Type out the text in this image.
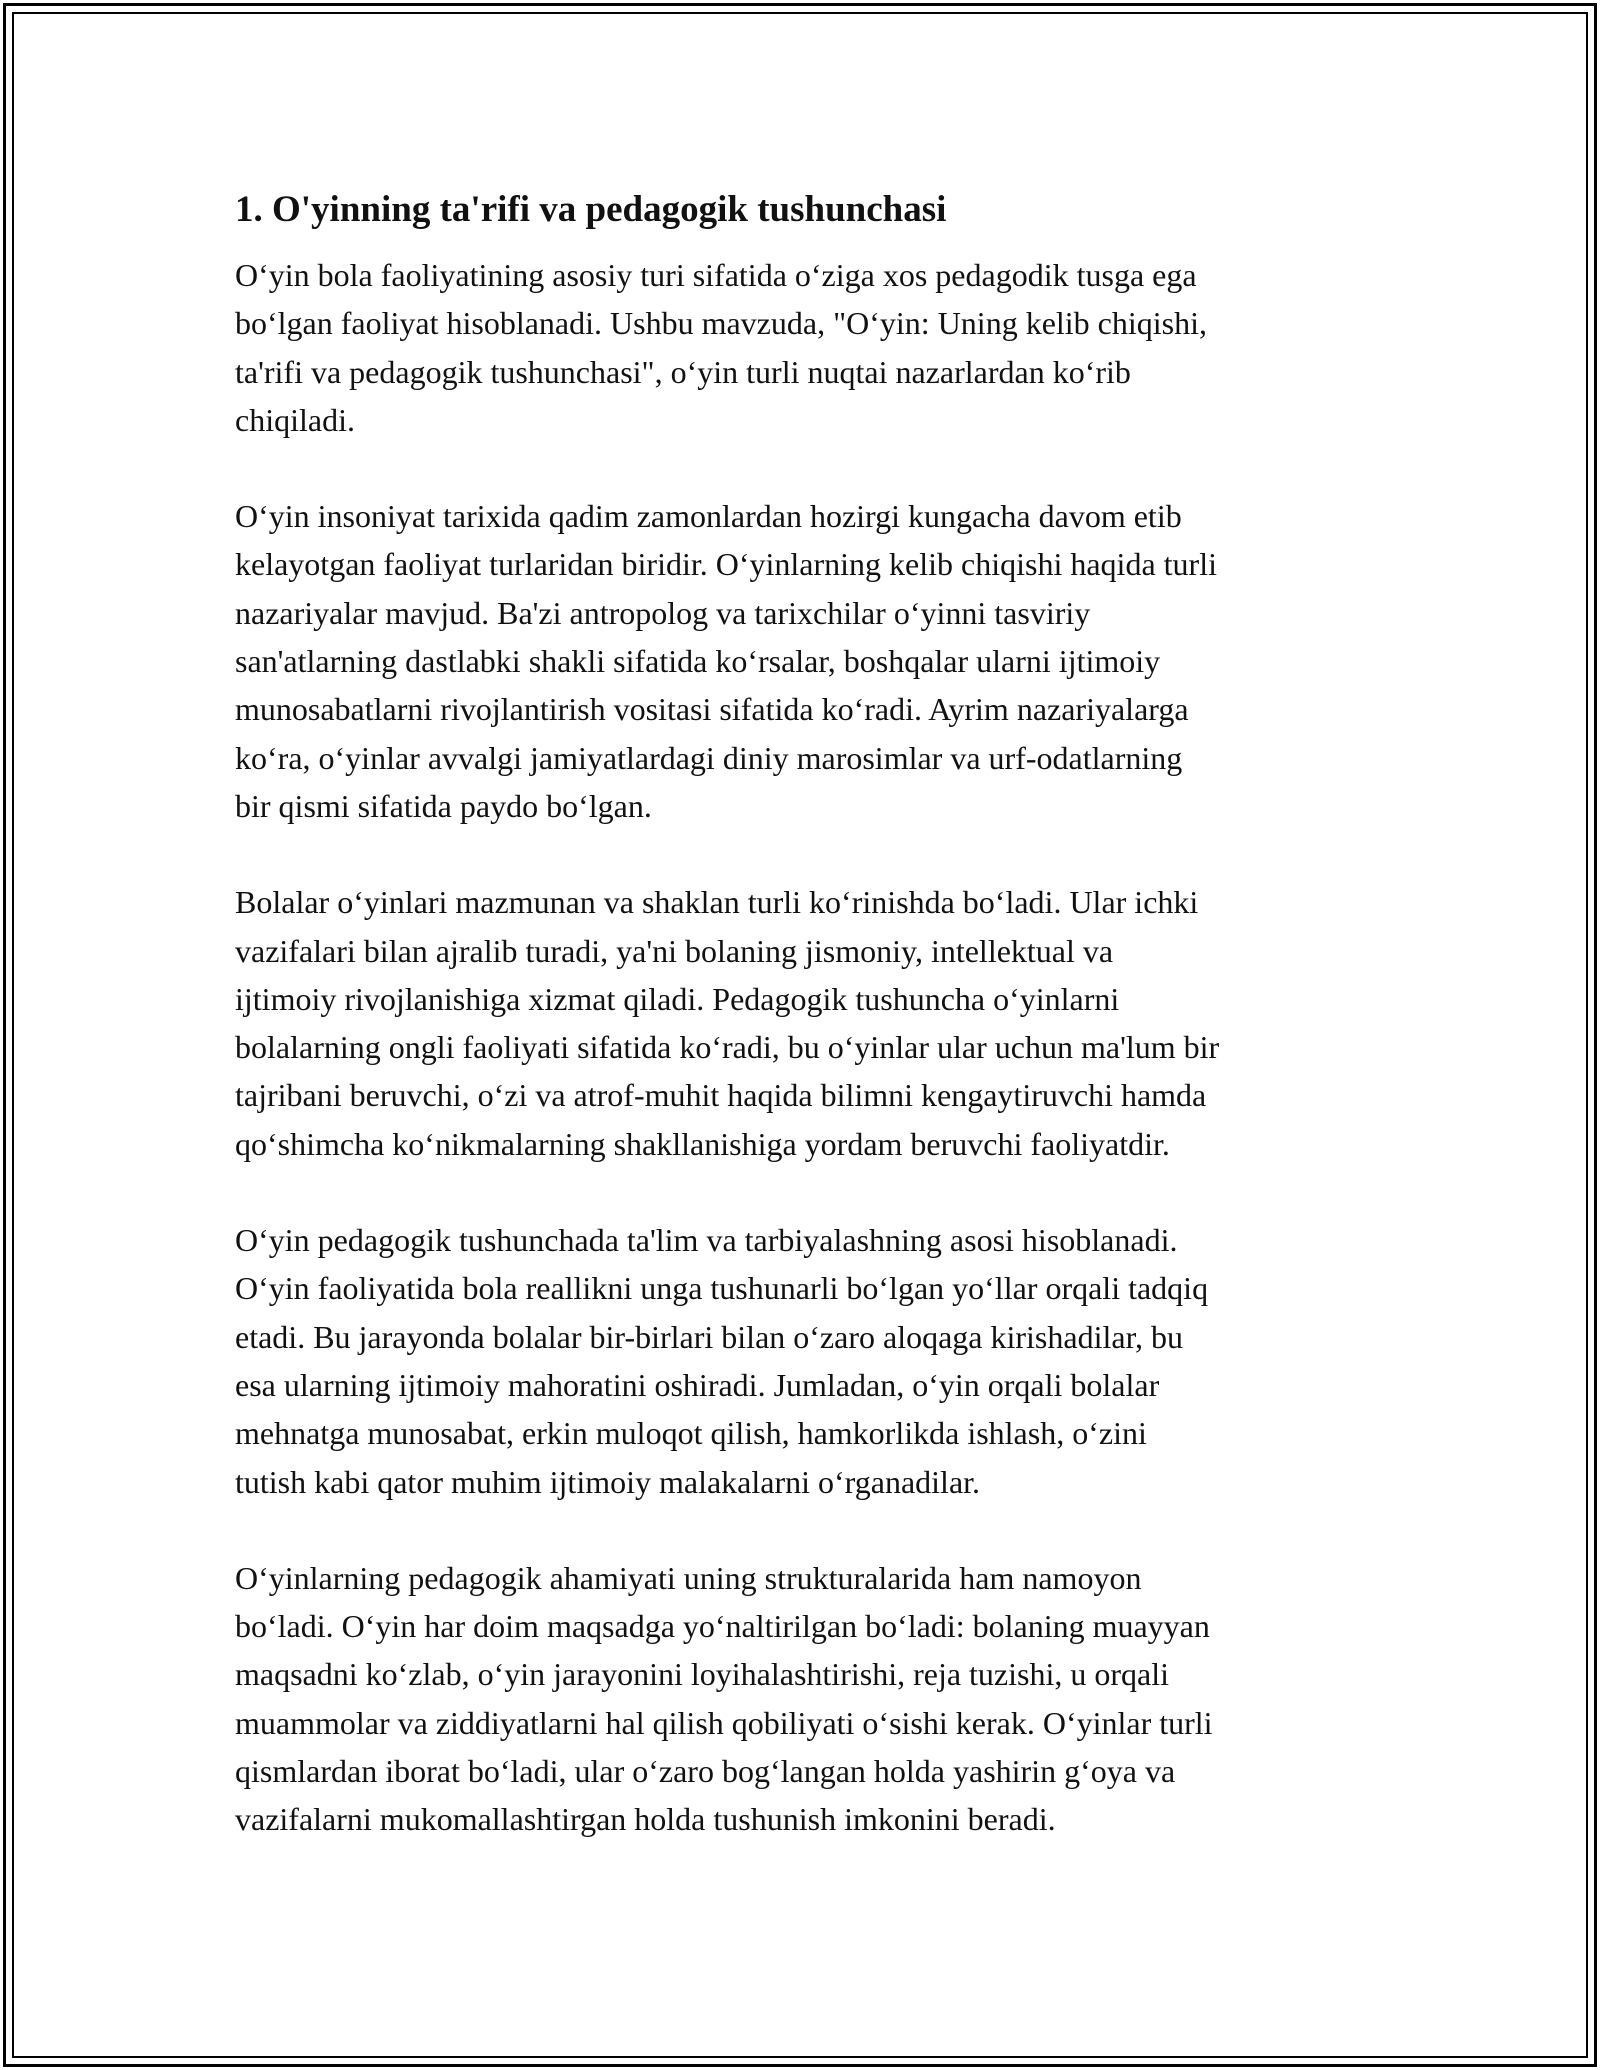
1. O'yinning ta'rifi va pedagogik tushunchasi

O‘yin bola faoliyatining asosiy turi sifatida o‘ziga xos pedagodik tusga ega
bo‘lgan faoliyat hisoblanadi. Ushbu mavzuda, "O‘yin: Uning kelib chiqishi,
ta'rifi va pedagogik tushunchasi", o‘yin turli nuqtai nazarlardan ko‘rib
chiqiladi.

O‘yin insoniyat tarixida qadim zamonlardan hozirgi kungacha davom etib
kelayotgan faoliyat turlaridan biridir. O‘yinlarning kelib chiqishi haqida turli
nazariyalar mavjud. Ba'zi antropolog va tarixchilar o‘yinni tasviriy
san'atlarning dastlabki shakli sifatida ko‘rsalar, boshqalar ularni ijtimoiy
munosabatlarni rivojlantirish vositasi sifatida ko‘radi. Ayrim nazariyalarga
ko‘ra, o‘yinlar avvalgi jamiyatlardagi diniy marosimlar va urf-odatlarning
bir qismi sifatida paydo bo‘lgan.

Bolalar o‘yinlari mazmunan va shaklan turli ko‘rinishda bo‘ladi. Ular ichki
vazifalari bilan ajralib turadi, ya'ni bolaning jismoniy, intellektual va
ijtimoiy rivojlanishiga xizmat qiladi. Pedagogik tushuncha o‘yinlarni
bolalarning ongli faoliyati sifatida ko‘radi, bu o‘yinlar ular uchun ma'lum bir
tajribani beruvchi, o‘zi va atrof-muhit haqida bilimni kengaytiruvchi hamda
qo‘shimcha ko‘nikmalarning shakllanishiga yordam beruvchi faoliyatdir.

O‘yin pedagogik tushunchada ta'lim va tarbiyalashning asosi hisoblanadi.
O‘yin faoliyatida bola reallikni unga tushunarli bo‘lgan yo‘llar orqali tadqiq
etadi. Bu jarayonda bolalar bir-birlari bilan o‘zaro aloqaga kirishadilar, bu
esa ularning ijtimoiy mahoratini oshiradi. Jumladan, o‘yin orqali bolalar
mehnatga munosabat, erkin muloqot qilish, hamkorlikda ishlash, o‘zini
tutish kabi qator muhim ijtimoiy malakalarni o‘rganadilar.

O‘yinlarning pedagogik ahamiyati uning strukturalarida ham namoyon
bo‘ladi. O‘yin har doim maqsadga yo‘naltirilgan bo‘ladi: bolaning muayyan
maqsadni ko‘zlab, o‘yin jarayonini loyihalashtirishi, reja tuzishi, u orqali
muammolar va ziddiyatlarni hal qilish qobiliyati o‘sishi kerak. O‘yinlar turli
qismlardan iborat bo‘ladi, ular o‘zaro bog‘langan holda yashirin g‘oya va
vazifalarni mukomallashtirgan holda tushunish imkonini beradi.
